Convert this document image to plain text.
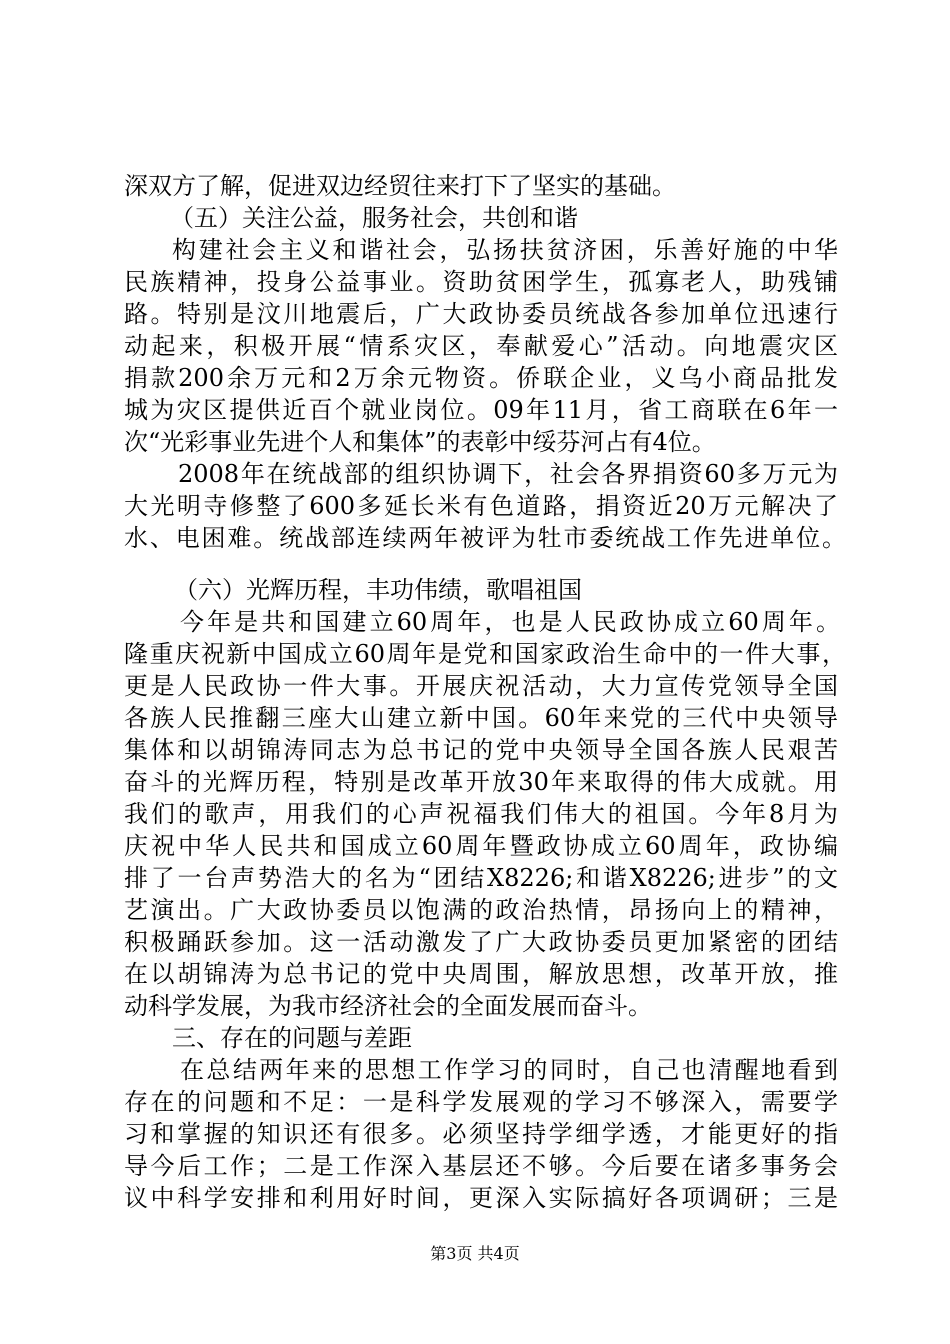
深双方了解，促进双边经贸往来打下了坚实的基础。
（五）关注公益，服务社会，共创和谐
构建社会主义和谐社会，弘扬扶贫济困，乐善好施的中华
民族精神，投身公益事业。资助贫困学生，孤寡老人，助残铺
路。特别是汶川地震后，广大政协委员统战各参加单位迅速行
动起来，积极开展“情系灾区，奉献爱心”活动。向地震灾区
捐款200余万元和2万余元物资。侨联企业，义乌小商品批发
城为灾区提供近百个就业岗位。09年11月，省工商联在6年一
次“光彩事业先进个人和集体”的表彰中绥芬河占有4位。
2008年在统战部的组织协调下，社会各界捐资60多万元为
大光明寺修整了600多延长米有色道路，捐资近20万元解决了
水、电困难。统战部连续两年被评为牡市委统战工作先进单位。
（六）光辉历程，丰功伟绩，歌唱祖国
今年是共和国建立60周年，也是人民政协成立60周年。
隆重庆祝新中国成立60周年是党和国家政治生命中的一件大事，
更是人民政协一件大事。开展庆祝活动，大力宣传党领导全国
各族人民推翻三座大山建立新中国。60年来党的三代中央领导
集体和以胡锦涛同志为总书记的党中央领导全国各族人民艰苦
奋斗的光辉历程，特别是改革开放30年来取得的伟大成就。用
我们的歌声，用我们的心声祝福我们伟大的祖国。今年8月为
庆祝中华人民共和国成立60周年暨政协成立60周年，政协编
排了一台声势浩大的名为“团结X8226;和谐X8226;进步”的文
艺演出。广大政协委员以饱满的政治热情，昂扬向上的精神，
积极踊跃参加。这一活动激发了广大政协委员更加紧密的团结
在以胡锦涛为总书记的党中央周围，解放思想，改革开放，推
动科学发展，为我市经济社会的全面发展而奋斗。
三、存在的问题与差距
在总结两年来的思想工作学习的同时，自己也清醒地看到
存在的问题和不足：一是科学发展观的学习不够深入，需要学
习和掌握的知识还有很多。必须坚持学细学透，才能更好的指
导今后工作；二是工作深入基层还不够。今后要在诸多事务会
议中科学安排和利用好时间，更深入实际搞好各项调研；三是
第3页 共4页
